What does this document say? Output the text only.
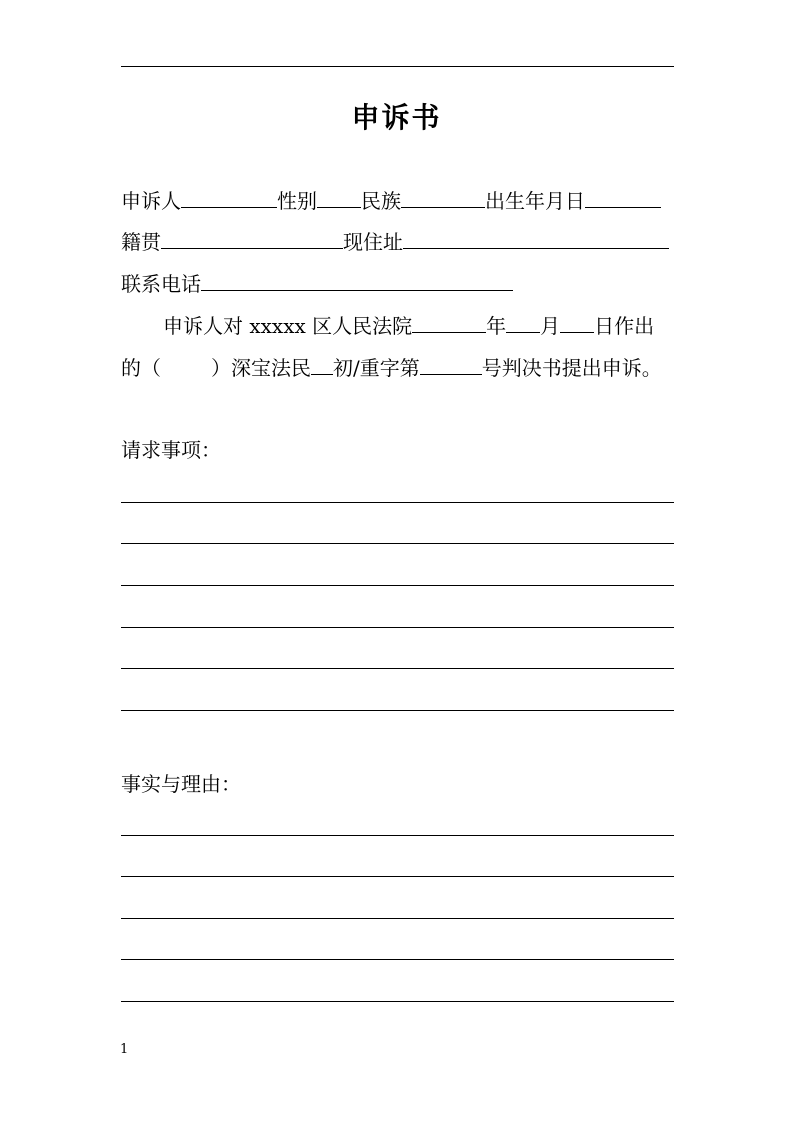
申诉书
申诉人	性别 民族	出生年月日
籍贯	现住址
联系电话
申诉人对 xxxxx 区人民法院	年 月 日作出
的（	）深宝法民 初/重字第	号判决书提出申诉。
请求事项：
事实与理由：
1
